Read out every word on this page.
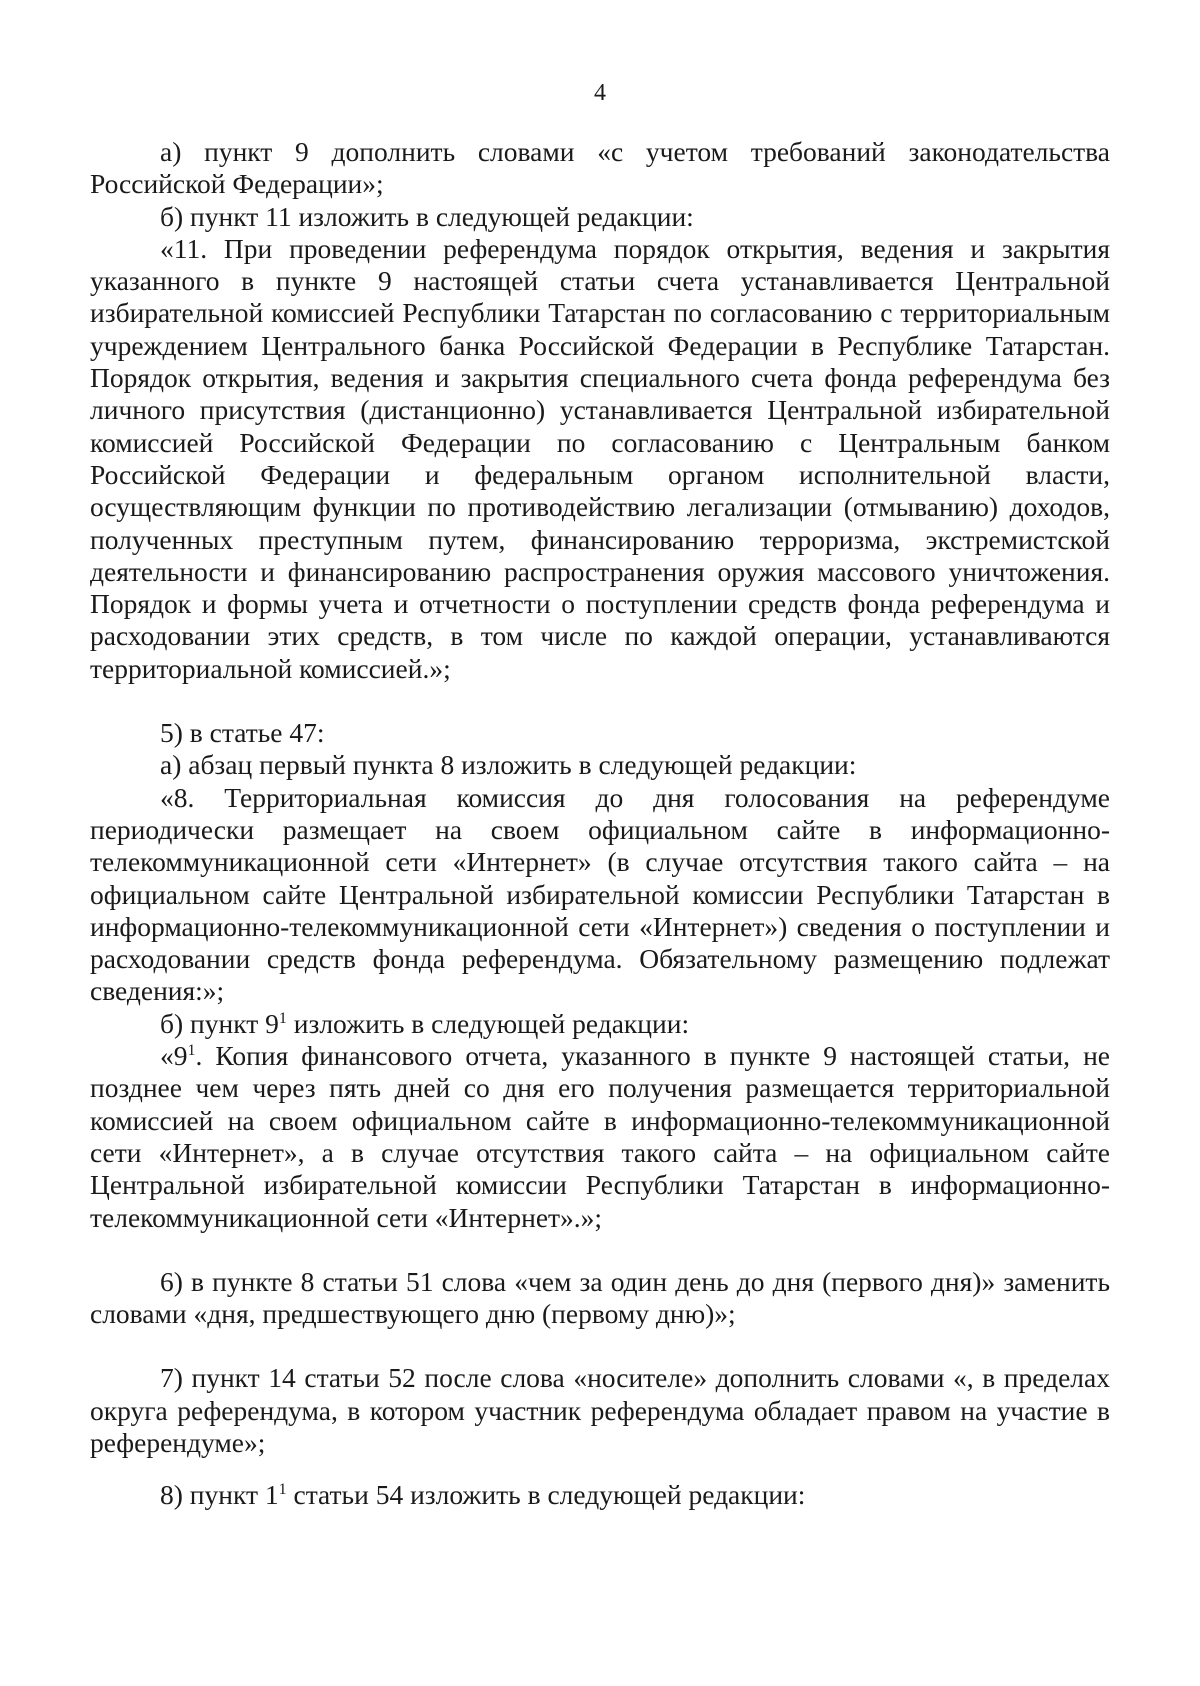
4

а) пункт 9 дополнить словами «с учетом требований законодательства Российской Федерации»;

б) пункт 11 изложить в следующей редакции:

«11. При проведении референдума порядок открытия, ведения и закрытия указанного в пункте 9 настоящей статьи счета устанавливается Центральной избирательной комиссией Республики Татарстан по согласованию с территориальным учреждением Центрального банка Российской Федерации в Республике Татарстан. Порядок открытия, ведения и закрытия специального счета фонда референдума без личного присутствия (дистанционно) устанавливается Центральной избирательной комиссией Российской Федерации по согласованию с Центральным банком Российской Федерации и федеральным органом исполнительной власти, осуществляющим функции по противодействию легализации (отмыванию) доходов, полученных преступным путем, финансированию терроризма, экстремистской деятельности и финансированию распространения оружия массового уничтожения. Порядок и формы учета и отчетности о поступлении средств фонда референдума и расходовании этих средств, в том числе по каждой операции, устанавливаются территориальной комиссией.»;

5) в статье 47:

а) абзац первый пункта 8 изложить в следующей редакции:

«8. Территориальная комиссия до дня голосования на референдуме периодически размещает на своем официальном сайте в информационно-телекоммуникационной сети «Интернет» (в случае отсутствия такого сайта – на официальном сайте Центральной избирательной комиссии Республики Татарстан в информационно-телекоммуникационной сети «Интернет») сведения о поступлении и расходовании средств фонда референдума. Обязательному размещению подлежат сведения:»;

б) пункт $9^1$ изложить в следующей редакции:

«$9^1$. Копия финансового отчета, указанного в пункте 9 настоящей статьи, не позднее чем через пять дней со дня его получения размещается территориальной комиссией на своем официальном сайте в информационно-телекоммуникационной сети «Интернет», а в случае отсутствия такого сайта – на официальном сайте Центральной избирательной комиссии Республики Татарстан в информационно-телекоммуникационной сети «Интернет».»;

6) в пункте 8 статьи 51 слова «чем за один день до дня (первого дня)» заменить словами «дня, предшествующего дню (первому дню)»;

7) пункт 14 статьи 52 после слова «носителе» дополнить словами «, в пределах округа референдума, в котором участник референдума обладает правом на участие в референдуме»;

8) пункт $1^1$ статьи 54 изложить в следующей редакции:
